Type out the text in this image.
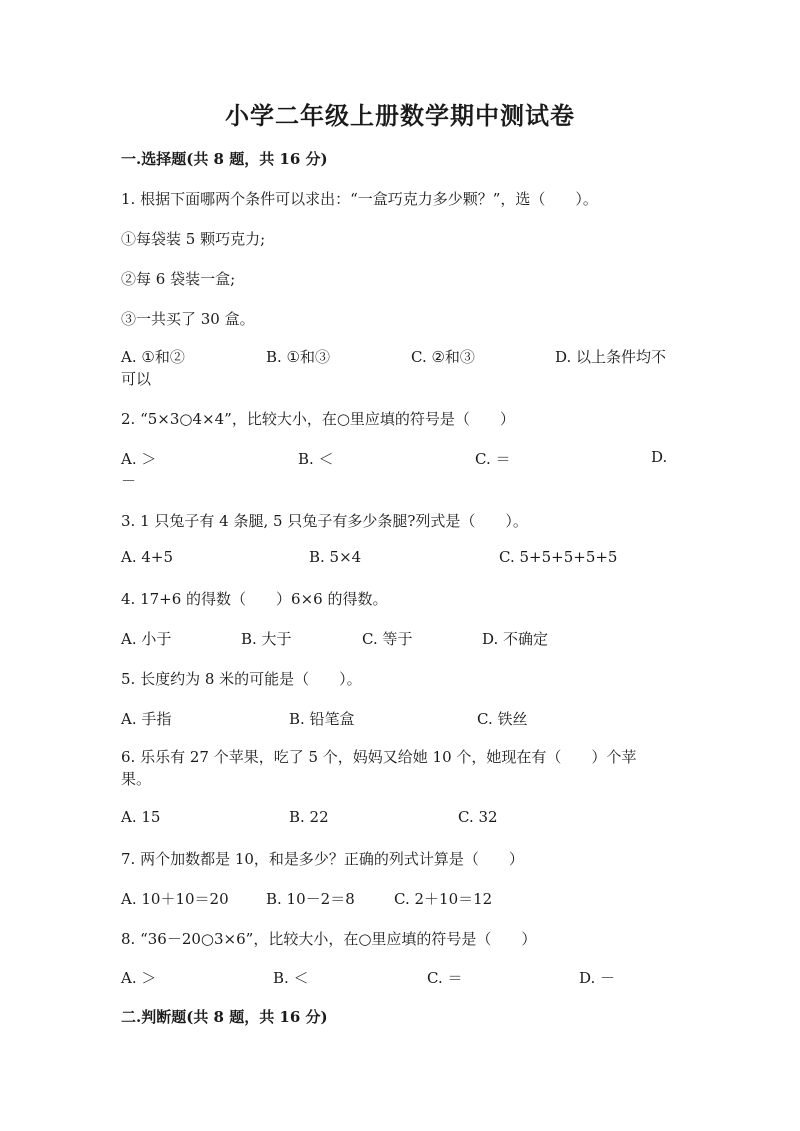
小学二年级上册数学期中测试卷
一.选择题(共 8 题，共 16 分)
1. 根据下面哪两个条件可以求出：“一盒巧克力多少颗？”，选（　　）。
①每袋装 5 颗巧克力;
②每 6 袋装一盒;
③一共买了 30 盒。
A. ①和②	B. ①和③	C. ②和③	D. 以上条件均不
可以
2. “5×3○4×4”，比较大小，在○里应填的符号是（　　）
A. ＞	B. ＜	C. ＝	D.
－
3. 1 只兔子有 4 条腿, 5 只兔子有多少条腿?列式是（　　）。
A. 4+5	B. 5×4	C. 5+5+5+5+5
4. 17+6 的得数（　　）6×6 的得数。
A. 小于	B. 大于	C. 等于	D. 不确定
5. 长度约为 8 米的可能是（　　）。
A. 手指	B. 铅笔盒	C. 铁丝
6. 乐乐有 27 个苹果，吃了 5 个，妈妈又给她 10 个，她现在有（　　）个苹
果。
A. 15	B. 22	C. 32
7. 两个加数都是 10，和是多少？正确的列式计算是（　　）
A. 10＋10＝20 B. 10－2＝8	C. 2＋10＝12
8. “36－20○3×6”，比较大小，在○里应填的符号是（　　）
A. ＞	B. ＜	C. ＝	D. －
二.判断题(共 8 题，共 16 分)
